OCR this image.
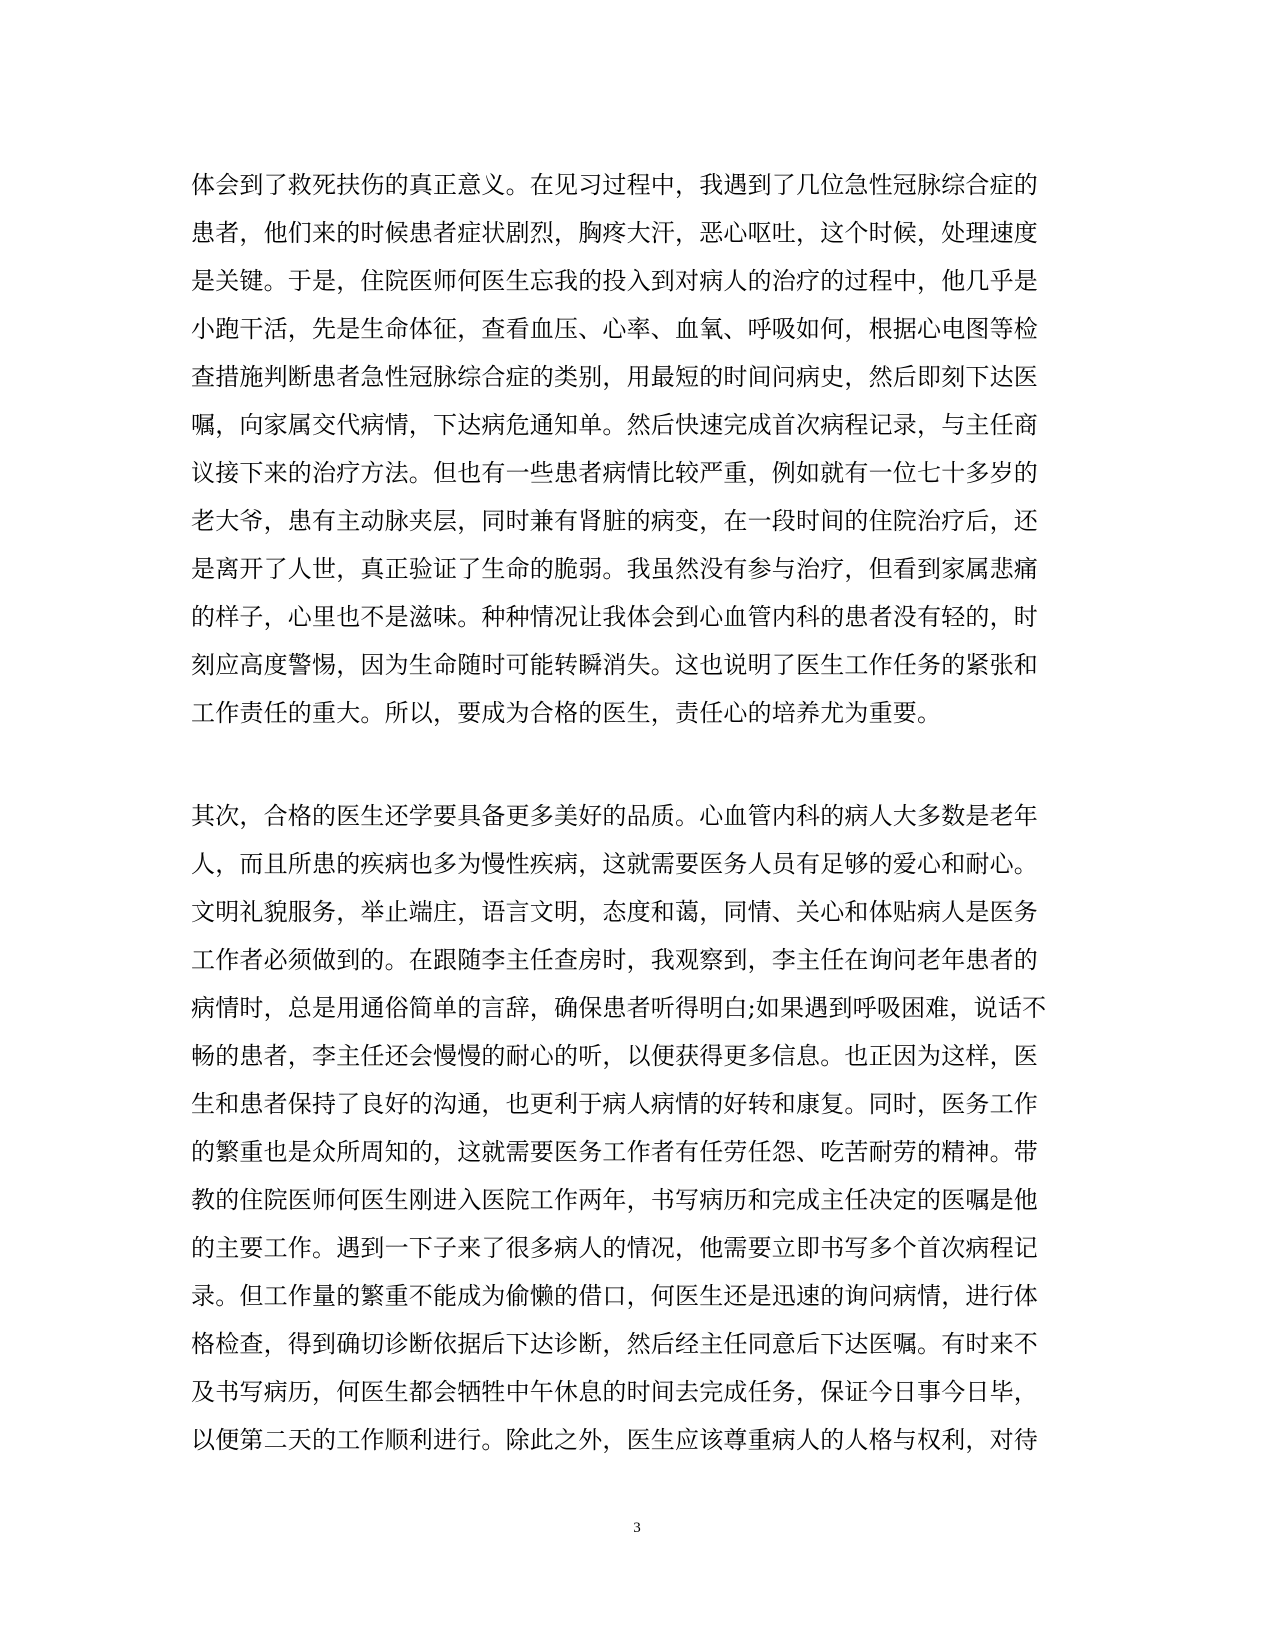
体会到了救死扶伤的真正意义。在见习过程中，我遇到了几位急性冠脉综合症的
患者，他们来的时候患者症状剧烈，胸疼大汗，恶心呕吐，这个时候，处理速度
是关键。于是，住院医师何医生忘我的投入到对病人的治疗的过程中，他几乎是
小跑干活，先是生命体征，查看血压、心率、血氧、呼吸如何，根据心电图等检
查措施判断患者急性冠脉综合症的类别，用最短的时间问病史，然后即刻下达医
嘱，向家属交代病情，下达病危通知单。然后快速完成首次病程记录，与主任商
议接下来的治疗方法。但也有一些患者病情比较严重，例如就有一位七十多岁的
老大爷，患有主动脉夹层，同时兼有肾脏的病变，在一段时间的住院治疗后，还
是离开了人世，真正验证了生命的脆弱。我虽然没有参与治疗，但看到家属悲痛
的样子，心里也不是滋味。种种情况让我体会到心血管内科的患者没有轻的，时
刻应高度警惕，因为生命随时可能转瞬消失。这也说明了医生工作任务的紧张和
工作责任的重大。所以，要成为合格的医生，责任心的培养尤为重要。
其次，合格的医生还学要具备更多美好的品质。心血管内科的病人大多数是老年
人，而且所患的疾病也多为慢性疾病，这就需要医务人员有足够的爱心和耐心。
文明礼貌服务，举止端庄，语言文明，态度和蔼，同情、关心和体贴病人是医务
工作者必须做到的。在跟随李主任查房时，我观察到，李主任在询问老年患者的
病情时，总是用通俗简单的言辞，确保患者听得明白;如果遇到呼吸困难，说话不
畅的患者，李主任还会慢慢的耐心的听，以便获得更多信息。也正因为这样，医
生和患者保持了良好的沟通，也更利于病人病情的好转和康复。同时，医务工作
的繁重也是众所周知的，这就需要医务工作者有任劳任怨、吃苦耐劳的精神。带
教的住院医师何医生刚进入医院工作两年，书写病历和完成主任决定的医嘱是他
的主要工作。遇到一下子来了很多病人的情况，他需要立即书写多个首次病程记
录。但工作量的繁重不能成为偷懒的借口，何医生还是迅速的询问病情，进行体
格检查，得到确切诊断依据后下达诊断，然后经主任同意后下达医嘱。有时来不
及书写病历，何医生都会牺牲中午休息的时间去完成任务，保证今日事今日毕，
以便第二天的工作顺利进行。除此之外，医生应该尊重病人的人格与权利，对待
3
